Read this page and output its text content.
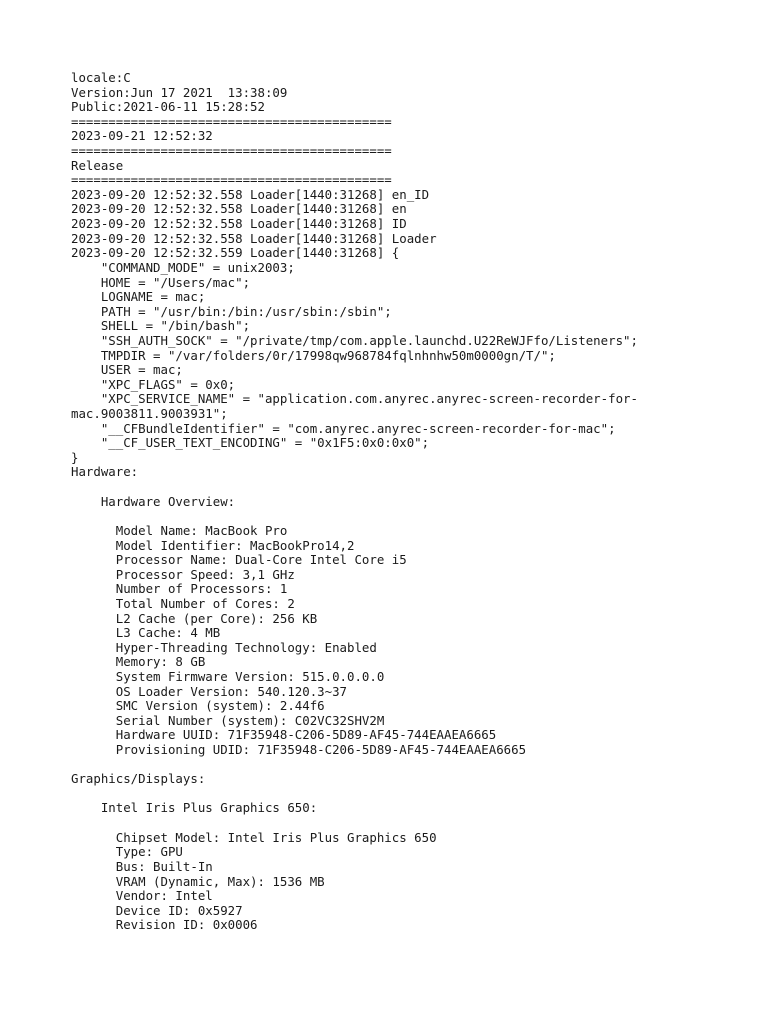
locale:C
Version:Jun 17 2021  13:38:09
Public:2021-06-11 15:28:52
===========================================
2023-09-21 12:52:32
===========================================
Release
===========================================
2023-09-20 12:52:32.558 Loader[1440:31268] en_ID
2023-09-20 12:52:32.558 Loader[1440:31268] en
2023-09-20 12:52:32.558 Loader[1440:31268] ID
2023-09-20 12:52:32.558 Loader[1440:31268] Loader
2023-09-20 12:52:32.559 Loader[1440:31268] {
"COMMAND_MODE" = unix2003;
HOME = "/Users/mac";
LOGNAME = mac;
PATH = "/usr/bin:/bin:/usr/sbin:/sbin";
SHELL = "/bin/bash";
"SSH_AUTH_SOCK" = "/private/tmp/com.apple.launchd.U22ReWJFfo/Listeners";
TMPDIR = "/var/folders/0r/17998qw968784fqlnhnhw50m0000gn/T/";
USER = mac;
"XPC_FLAGS" = 0x0;
"XPC_SERVICE_NAME" = "application.com.anyrec.anyrec-screen-recorder-for-
mac.9003811.9003931";
"__CFBundleIdentifier" = "com.anyrec.anyrec-screen-recorder-for-mac";
"__CF_USER_TEXT_ENCODING" = "0x1F5:0x0:0x0";
}
Hardware:
Hardware Overview:
Model Name: MacBook Pro
Model Identifier: MacBookPro14,2
Processor Name: Dual-Core Intel Core i5
Processor Speed: 3,1 GHz
Number of Processors: 1
Total Number of Cores: 2
L2 Cache (per Core): 256 KB
L3 Cache: 4 MB
Hyper-Threading Technology: Enabled
Memory: 8 GB
System Firmware Version: 515.0.0.0.0
OS Loader Version: 540.120.3~37
SMC Version (system): 2.44f6
Serial Number (system): C02VC32SHV2M
Hardware UUID: 71F35948-C206-5D89-AF45-744EAAEA6665
Provisioning UDID: 71F35948-C206-5D89-AF45-744EAAEA6665
Graphics/Displays:
Intel Iris Plus Graphics 650:
Chipset Model: Intel Iris Plus Graphics 650
Type: GPU
Bus: Built-In
VRAM (Dynamic, Max): 1536 MB
Vendor: Intel
Device ID: 0x5927
Revision ID: 0x0006
